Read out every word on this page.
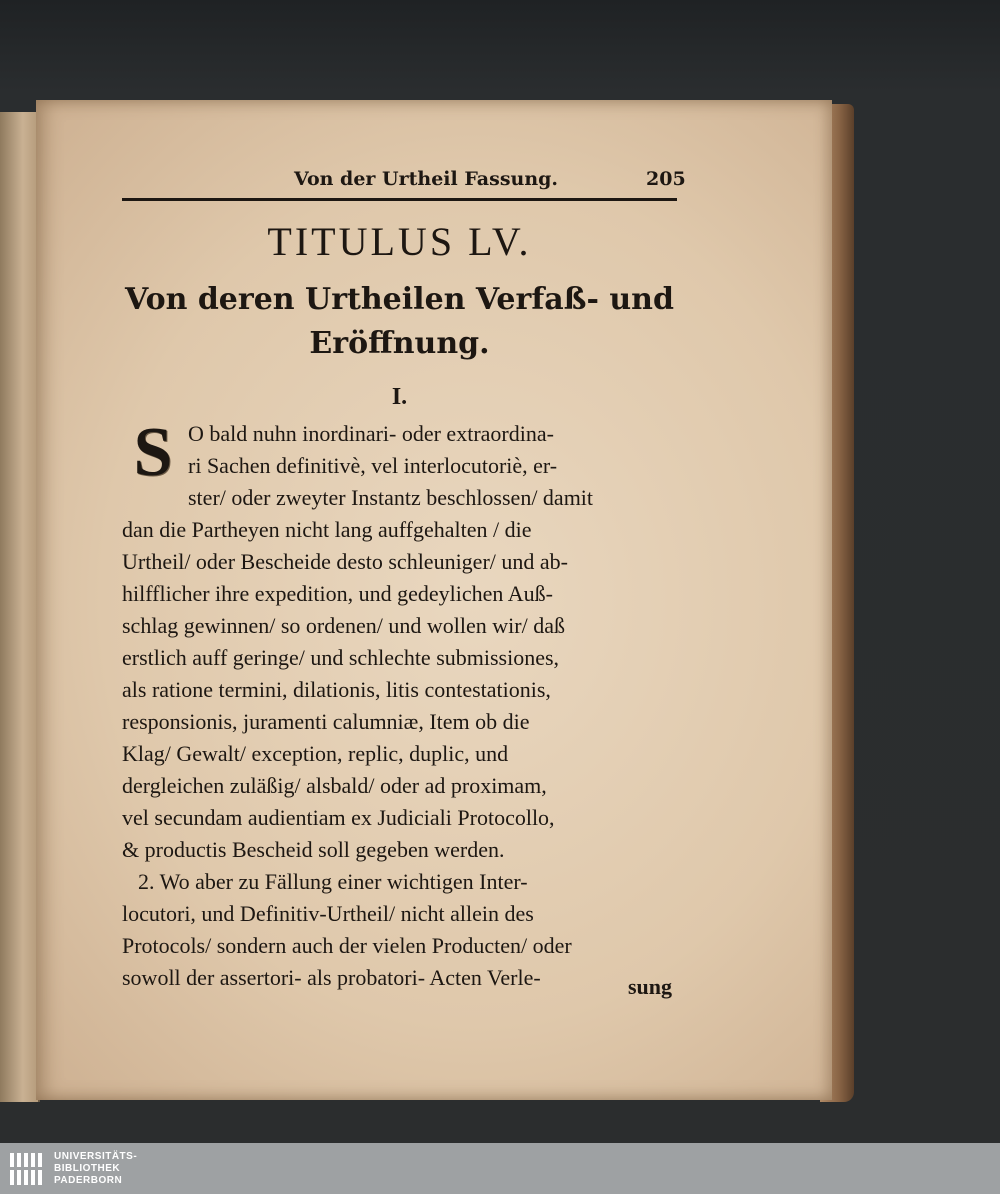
Von der Urtheil Fassung.	205
TITULUS LV.
Von deren Urtheilen Verfaß- und
Eröffnung.
I.
S O bald nuhn inordinari- oder extraordina-
ri Sachen definitivè, vel interlocutoriè, er-
ster/ oder zweyter Instantz beschlossen/ damit
dan die Partheyen nicht lang auffgehalten / die
Urtheil/ oder Bescheide desto schleuniger/ und ab-
hilfflicher ihre expedition, und gedeylichen Auß-
schlag gewinnen/ so ordenen/ und wollen wir/ daß
erstlich auff geringe/ und schlechte submissiones,
als ratione termini, dilationis, litis contestationis,
responsionis, juramenti calumniæ, Item ob die
Klag/ Gewalt/ exception, replic, duplic, und
dergleichen zuläßig/ alsbald/ oder ad proximam,
vel secundam audientiam ex Judiciali Protocollo,
& productis Bescheid soll gegeben werden.
2. Wo aber zu Fällung einer wichtigen Inter-
locutori, und Definitiv-Urtheil/ nicht allein des
Protocols/ sondern auch der vielen Producten/ oder
sowoll der assertori- als probatori- Acten Verle-	sung
UNIVERSITÄTS-
BIBLIOTHEK
PADERBORN
